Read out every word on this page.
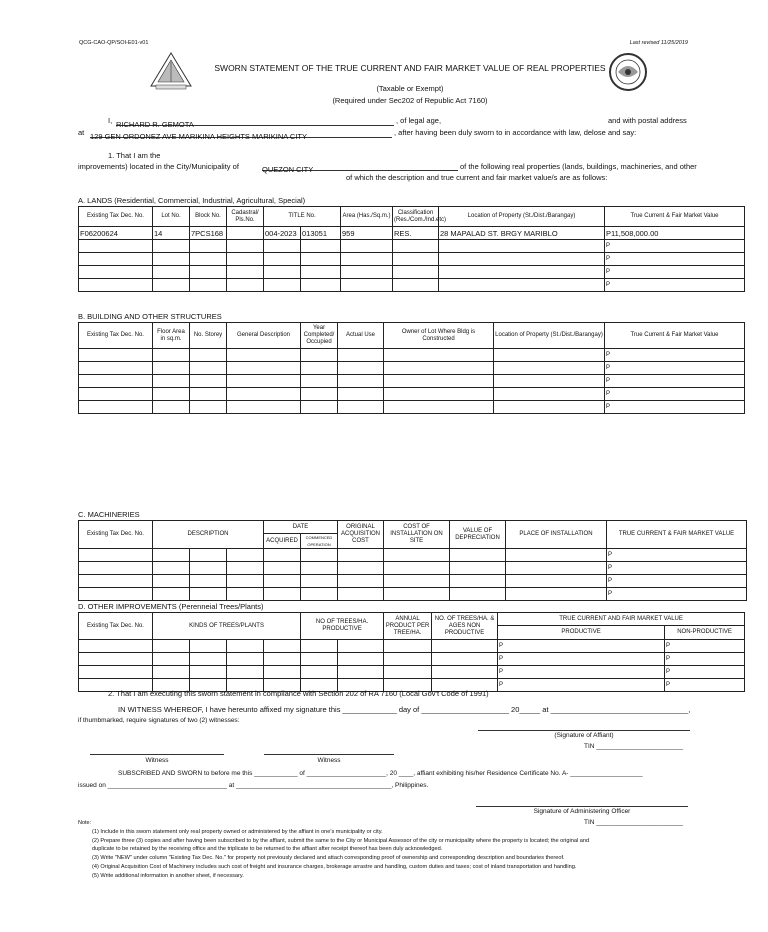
QCG-CAO-QP/SOI-E01-v01	Last revised 11/25/2019
SWORN STATEMENT OF THE TRUE CURRENT AND FAIR MARKET VALUE OF REAL PROPERTIES
(Taxable or Exempt)
(Required under Sec202 of Republic Act 7160)
I, RICHARD R. GEMOTA	, of legal age,	and with postal address
at 129 GEN ORDONEZ AVE MARIKINA HEIGHTS MARIKINA CITY	, after having been duly sworn to in accordance with law, delose and say:
1. That I am the
improvements) located in the City/Municipality of	QUEZON CITY	of the following real properties (lands, buildings, machineries, and other
of which the description and true current and fair market value/s are as follows:
A. LANDS (Residential, Commercial, Industrial, Agricultural, Special)
Existing Tax Dec. No.	Lot No.	Block No.	Cadastral/ Pls.No.	TITLE No.		Area (Has./Sq.m.)	Classification (Res./Com./Ind.etc)	Location of Property (St./Dist./Barangay)	True Current & Fair Market Value
F06200624	14	7PCS168		004-2023	013051	959	RES.	28 MAPALAD ST. BRGY MARIBLO	P11,508,000.00
									P
									P
									P
									P
B. BUILDING AND OTHER STRUCTURES
Existing Tax Dec. No.	Floor Area in sq.m.	No. Storey	General Description	Year Completed/ Occupied	Actual Use	Owner of Lot Where Bldg is Constructed	Location of Property (St./Dist./Barangay)	True Current & Fair Market Value
								P
								P
								P
								P
								P
C. MACHINERIES
Existing Tax Dec. No.	DESCRIPTION			DATE		ORIGINAL ACQUISITION COST	COST OF INSTALLATION ON SITE	VALUE OF DEPRECIATION	PLACE OF INSTALLATION	TRUE CURRENT & FAIR MARKET VALUE
				ACQUIRED	COMMENCED OPERATION					
										P
										P
										P
										P
D. OTHER IMPROVEMENTS (Perenneial Trees/Plants)
Existing Tax Dec. No.	KINDS OF TREES/PLANTS				NO OF TREES/HA. PRODUCTIVE		ANNUAL PRODUCT PER TREE/HA.	NO. OF TREES/HA. & AGES NON PRODUCTIVE	TRUE CURRENT AND FAIR MARKET VALUE	
									PRODUCTIVE	NON-PRODUCTIVE
									P	P
									P	P
									P	P
									P	P
2. That I am executing this sworn statement in compliance with Section 202 of RA 7160 (Local Gov't Code of 1991)
IN WITNESS WHEREOF, I have hereunto affixed my signature this _____________ day of _____________________ 20_____ at _________________________________,
if thumbmarked, require signatures of two (2) witnesses:
(Signature of Affiant)
TIN ________________________
Witness	Witness
SUBSCRIBED AND SWORN to before me this ____________ of ______________________, 20 ____, affiant exhibiting his/her Residence Certificate No. A- ____________________
issued on _________________________________ at ___________________________________________, Philippines.
Signature of Administering Officer
TIN ________________________
Note:
(1) Include in this sworn statement only real property owned or administered by the affiant in one's municipality or city.
(2) Prepare three (3) copies and after having been subscribed to by the affiant, submit the same to the City or Municipal Assessor of the city or municipality where the property is located; the original and
duplicate to be retained by the receiving office and the triplicate to be returned to the affiant after receipt thereof has been duly acknowledged.
(3) Write "NEW" under column "Existing Tax Dec. No." for property not previously declared and attach corresponding proof of ownership and corresponding description and boundaries thereof.
(4) Original Acquisition Cost of Machinery includes such cost of freight and insurance charges, brokerage arrastre and handling, custom duties and taxes; cost of inland transportation and handling.
(5) Write additional information in another sheet, if necessary.
